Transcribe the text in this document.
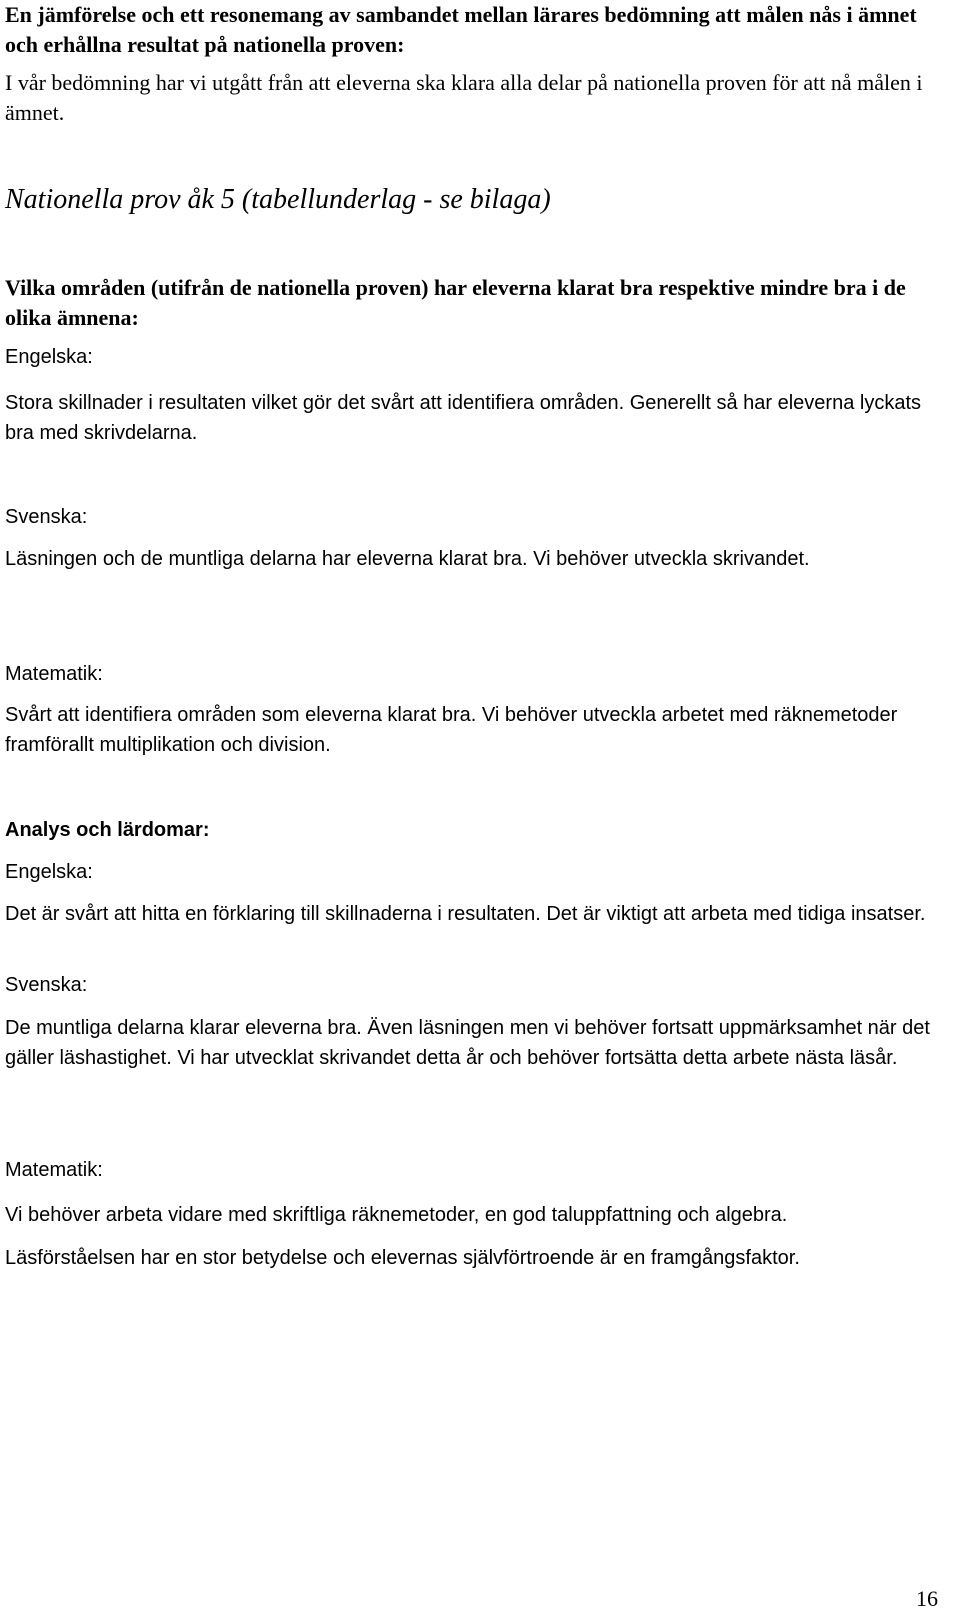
En jämförelse och ett resonemang av sambandet mellan lärares bedömning att målen nås i ämnet och erhållna resultat på nationella proven:

I vår bedömning har vi utgått från att eleverna ska klara alla delar på nationella proven för att nå målen i ämnet.

Nationella prov åk 5 (tabellunderlag - se bilaga)

Vilka områden (utifrån de nationella proven) har eleverna klarat bra respektive mindre bra i de olika ämnena:

Engelska:

Stora skillnader i resultaten vilket gör det svårt att identifiera områden. Generellt så har eleverna lyckats bra med skrivdelarna.

Svenska:

Läsningen och de muntliga delarna har eleverna klarat bra. Vi behöver utveckla skrivandet.

Matematik:

Svårt att identifiera områden som eleverna klarat bra. Vi behöver utveckla arbetet med räknemetoder framförallt multiplikation och division.

Analys och lärdomar:

Engelska:

Det är svårt att hitta en förklaring till skillnaderna i resultaten. Det är viktigt att arbeta med tidiga insatser.

Svenska:

De muntliga delarna klarar eleverna bra. Även läsningen men vi behöver fortsatt uppmärksamhet när det gäller läshastighet. Vi har utvecklat skrivandet detta år och behöver fortsätta detta arbete nästa läsår.

Matematik:

Vi behöver arbeta vidare med skriftliga räknemetoder, en god taluppfattning och algebra.

Läsförståelsen har en stor betydelse och elevernas självförtroende är en framgångsfaktor.

16
